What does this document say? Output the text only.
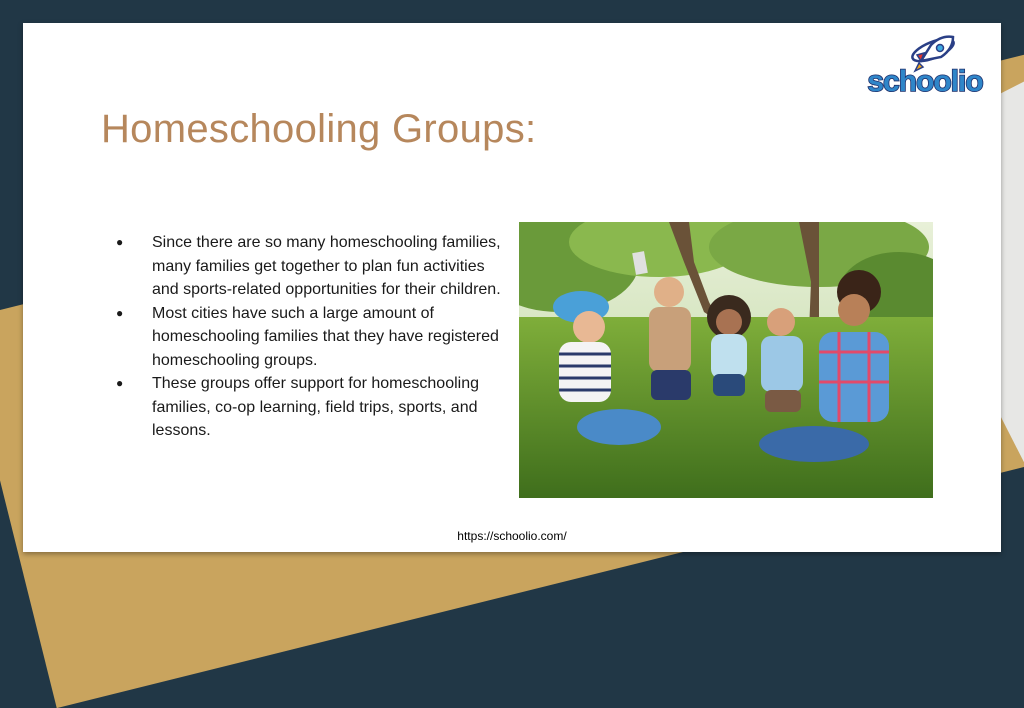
schoolio
Homeschooling Groups:
● Since there are so many homeschooling families, many families get together to plan fun activities and sports-related opportunities for their children.
● Most cities have such a large amount of homeschooling families that they have registered homeschooling groups.
● These groups offer support for homeschooling families, co-op learning, field trips, sports, and lessons.
https://schoolio.com/
